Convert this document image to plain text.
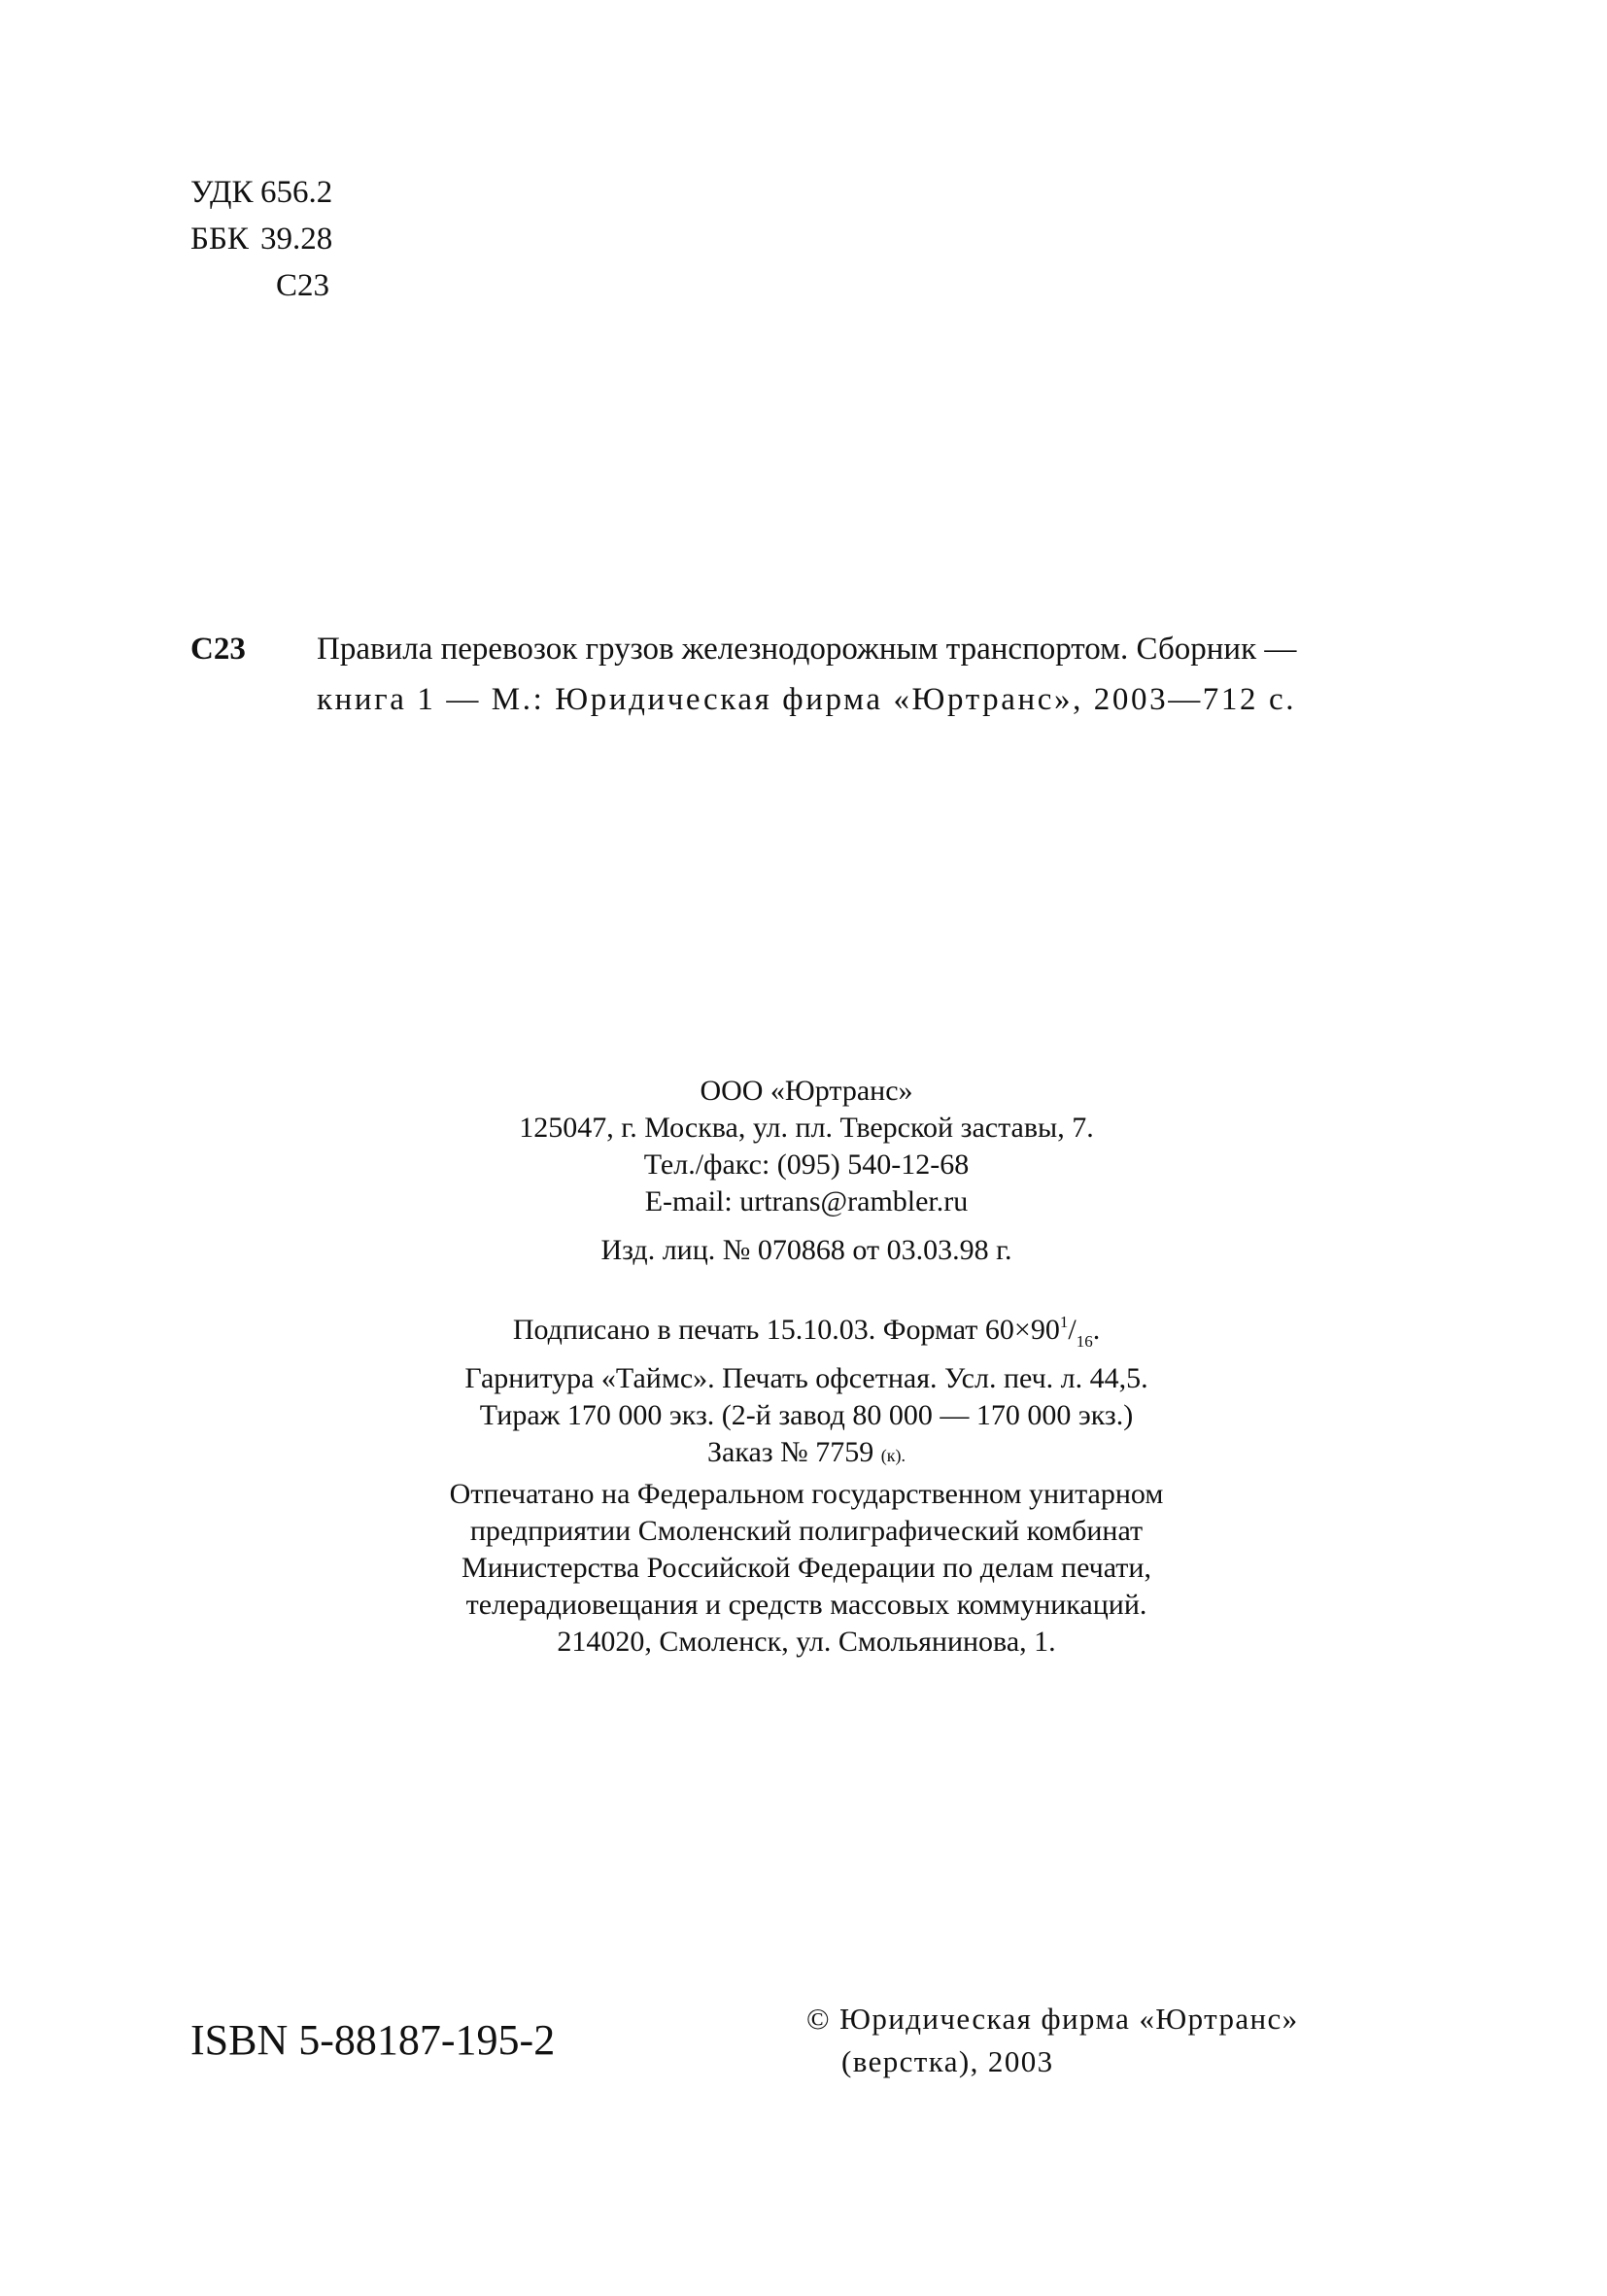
УДК 656.2
ББК 39.28
С23
С23 Правила перевозок грузов железнодорожным транспортом. Сборник —
книга 1 — М.: Юридическая фирма «Юртранс», 2003—712 с.
ООО «Юртранс»
125047, г. Москва, ул. пл. Тверской заставы, 7.
Тел./факс: (095) 540-12-68
E-mail: urtrans@rambler.ru
Изд. лиц. № 070868 от 03.03.98 г.
Подписано в печать 15.10.03. Формат $60\times 90^1/_{16}$.
Гарнитура «Таймс». Печать офсетная. Усл. печ. л. 44,5.
Тираж 170 000 экз. (2-й завод 80 000 — 170 000 экз.)
Заказ № 7759 (к).
Отпечатано на Федеральном государственном унитарном
предприятии Смоленский полиграфический комбинат
Министерства Российской Федерации по делам печати,
телерадиовещания и средств массовых коммуникаций.
214020, Смоленск, ул. Смольянинова, 1.
ISBN 5-88187-195-2	© Юридическая фирма «Юртранс»
(верстка), 2003
